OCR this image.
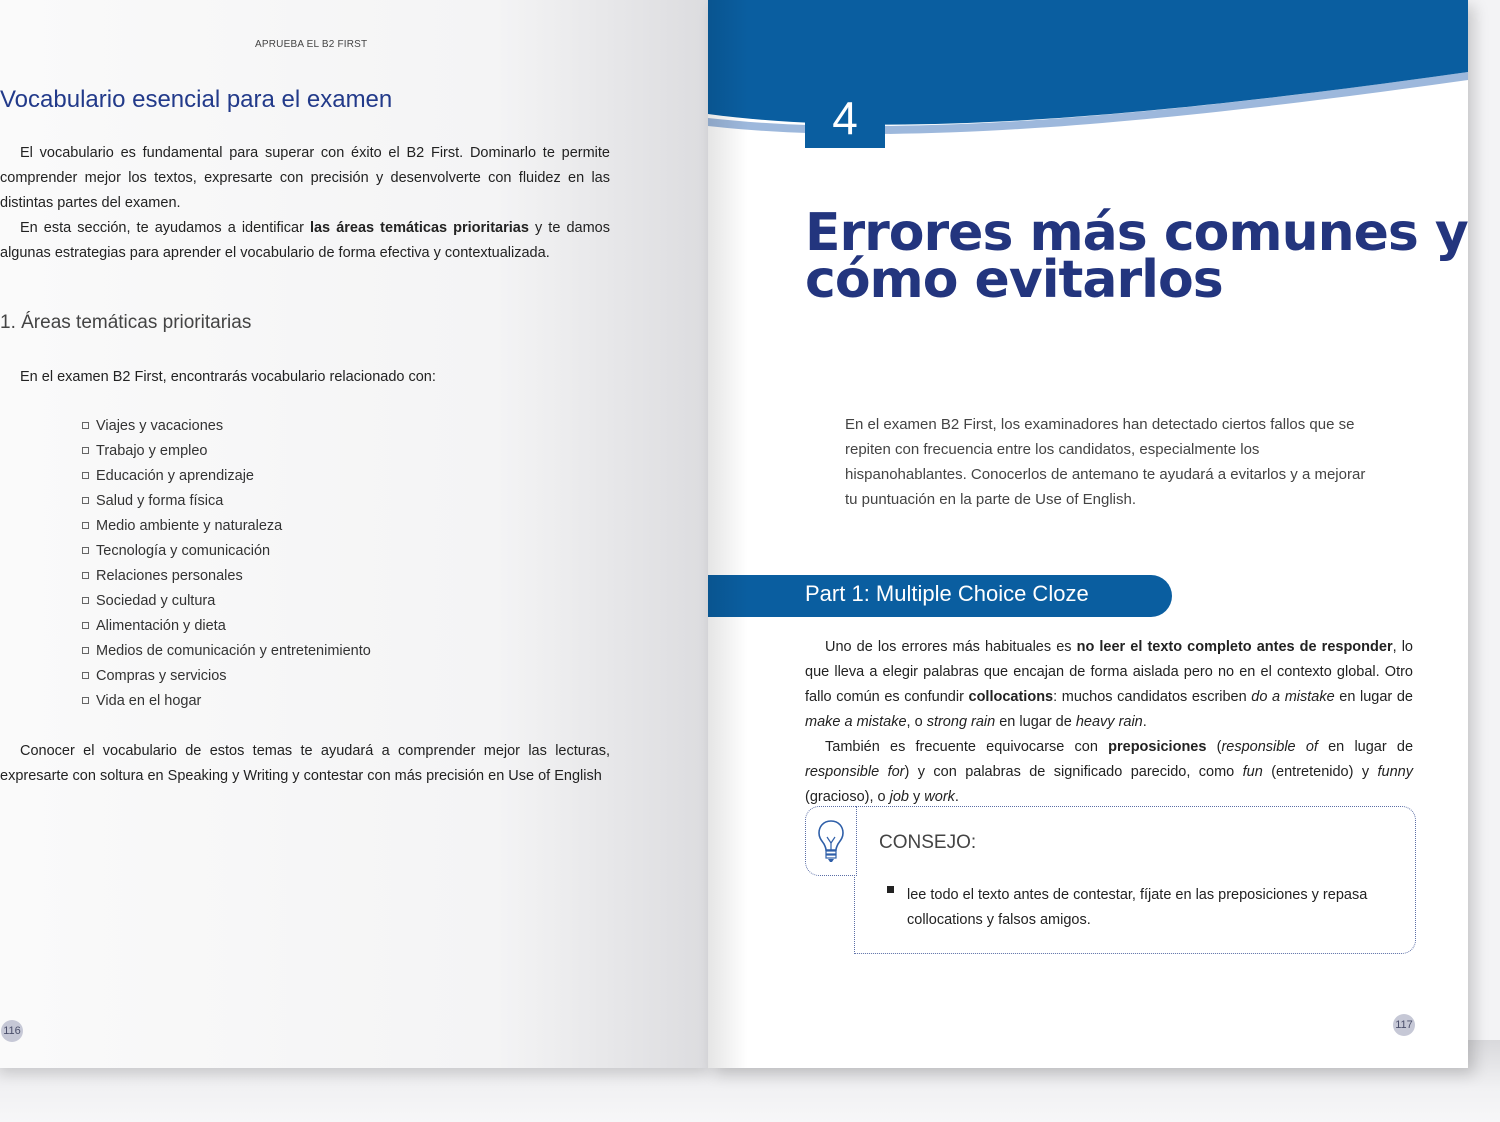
APRUEBA EL B2 FIRST
Vocabulario esencial para el examen

El vocabulario es fundamental para superar con éxito el B2 First. Dominarlo te permite comprender mejor los textos, expresarte con precisión y desenvolverte con fluidez en las distintas partes del examen.

En esta sección, te ayudamos a identificar las áreas temáticas prioritarias y te damos algunas estrategias para aprender el vocabulario de forma efectiva y contextualizada.

1. Áreas temáticas prioritarias

En el examen B2 First, encontrarás vocabulario relacionado con:

Viajes y vacaciones
Trabajo y empleo
Educación y aprendizaje
Salud y forma física
Medio ambiente y naturaleza
Tecnología y comunicación
Relaciones personales
Sociedad y cultura
Alimentación y dieta
Medios de comunicación y entretenimiento
Compras y servicios
Vida en el hogar

Conocer el vocabulario de estos temas te ayudará a comprender mejor las lecturas, expresarte con soltura en Speaking y Writing y contestar con más precisión en Use of English

116
4
Errores más comunes y
cómo evitarlos

En el examen B2 First, los examinadores han detectado ciertos fallos que se repiten con frecuencia entre los candidatos, especialmente los hispanohablantes. Conocerlos de antemano te ayudará a evitarlos y a mejorar tu puntuación en la parte de Use of English.

Part 1: Multiple Choice Cloze

Uno de los errores más habituales es no leer el texto completo antes de responder, lo que lleva a elegir palabras que encajan de forma aislada pero no en el contexto global. Otro fallo común es confundir collocations: muchos candidatos escriben do a mistake en lugar de make a mistake, o strong rain en lugar de heavy rain.

También es frecuente equivocarse con preposiciones (responsible of en lugar de responsible for) y con palabras de significado parecido, como fun (entretenido) y funny (gracioso), o job y work.

CONSEJO:

lee todo el texto antes de contestar, fíjate en las preposiciones y repasa collocations y falsos amigos.

117
